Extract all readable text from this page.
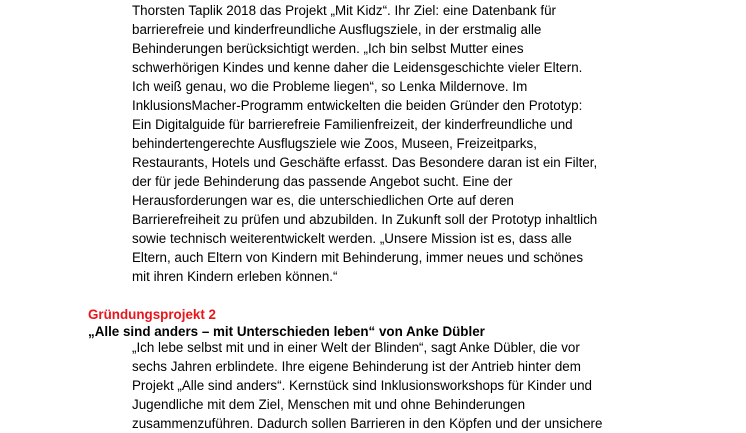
Thorsten Taplik 2018 das Projekt „Mit Kidz“. Ihr Ziel: eine Datenbank für
barrierefreie und kinderfreundliche Ausflugsziele, in der erstmalig alle
Behinderungen berücksichtigt werden. „Ich bin selbst Mutter eines
schwerhörigen Kindes und kenne daher die Leidensgeschichte vieler Eltern.
Ich weiß genau, wo die Probleme liegen“, so Lenka Mildernove. Im
InklusionsMacher-Programm entwickelten die beiden Gründer den Prototyp:
Ein Digitalguide für barrierefreie Familienfreizeit, der kinderfreundliche und
behindertengerechte Ausflugsziele wie Zoos, Museen, Freizeitparks,
Restaurants, Hotels und Geschäfte erfasst. Das Besondere daran ist ein Filter,
der für jede Behinderung das passende Angebot sucht. Eine der
Herausforderungen war es, die unterschiedlichen Orte auf deren
Barrierefreiheit zu prüfen und abzubilden. In Zukunft soll der Prototyp inhaltlich
sowie technisch weiterentwickelt werden. „Unsere Mission ist es, dass alle
Eltern, auch Eltern von Kindern mit Behinderung, immer neues und schönes
mit ihren Kindern erleben können.“
Gründungsprojekt 2
„Alle sind anders – mit Unterschieden leben“ von Anke Dübler
„Ich lebe selbst mit und in einer Welt der Blinden“, sagt Anke Dübler, die vor
sechs Jahren erblindete. Ihre eigene Behinderung ist der Antrieb hinter dem
Projekt „Alle sind anders“. Kernstück sind Inklusionsworkshops für Kinder und
Jugendliche mit dem Ziel, Menschen mit und ohne Behinderungen
zusammenzuführen. Dadurch sollen Barrieren in den Köpfen und der unsichere
